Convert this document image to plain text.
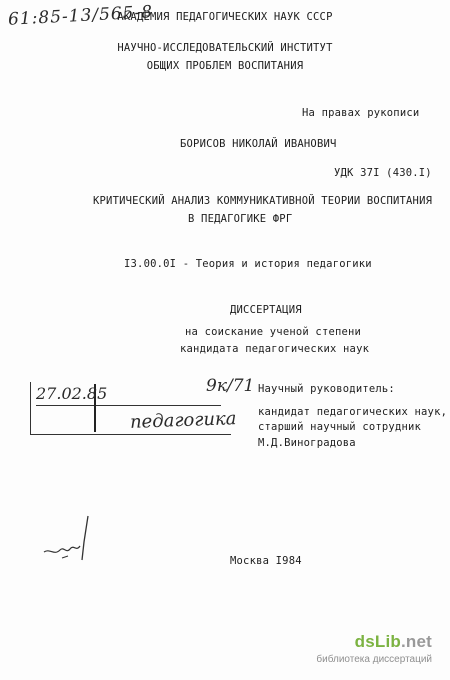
61:85-13/565-8
АКАДЕМИЯ ПЕДАГОГИЧЕСКИХ НАУК СССР
НАУЧНО-ИССЛЕДОВАТЕЛЬСКИЙ ИНСТИТУТ
ОБЩИХ ПРОБЛЕМ ВОСПИТАНИЯ
На правах рукописи
БОРИСОВ НИКОЛАЙ ИВАНОВИЧ
УДК 37I (430.I)
КРИТИЧЕСКИЙ АНАЛИЗ КОММУНИКАТИВНОЙ ТЕОРИИ ВОСПИТАНИЯ
В ПЕДАГОГИКЕ ФРГ
I3.00.0I - Теория и история педагогики
ДИССЕРТАЦИЯ
на соискание ученой степени
кандидата педагогических наук
27.02.85	9к/71
педагогика
Научный руководитель:
кандидат педагогических наук,
старший научный сотрудник
М.Д.Виноградова
Москва I984
dsLib.net
библиотека диссертаций
